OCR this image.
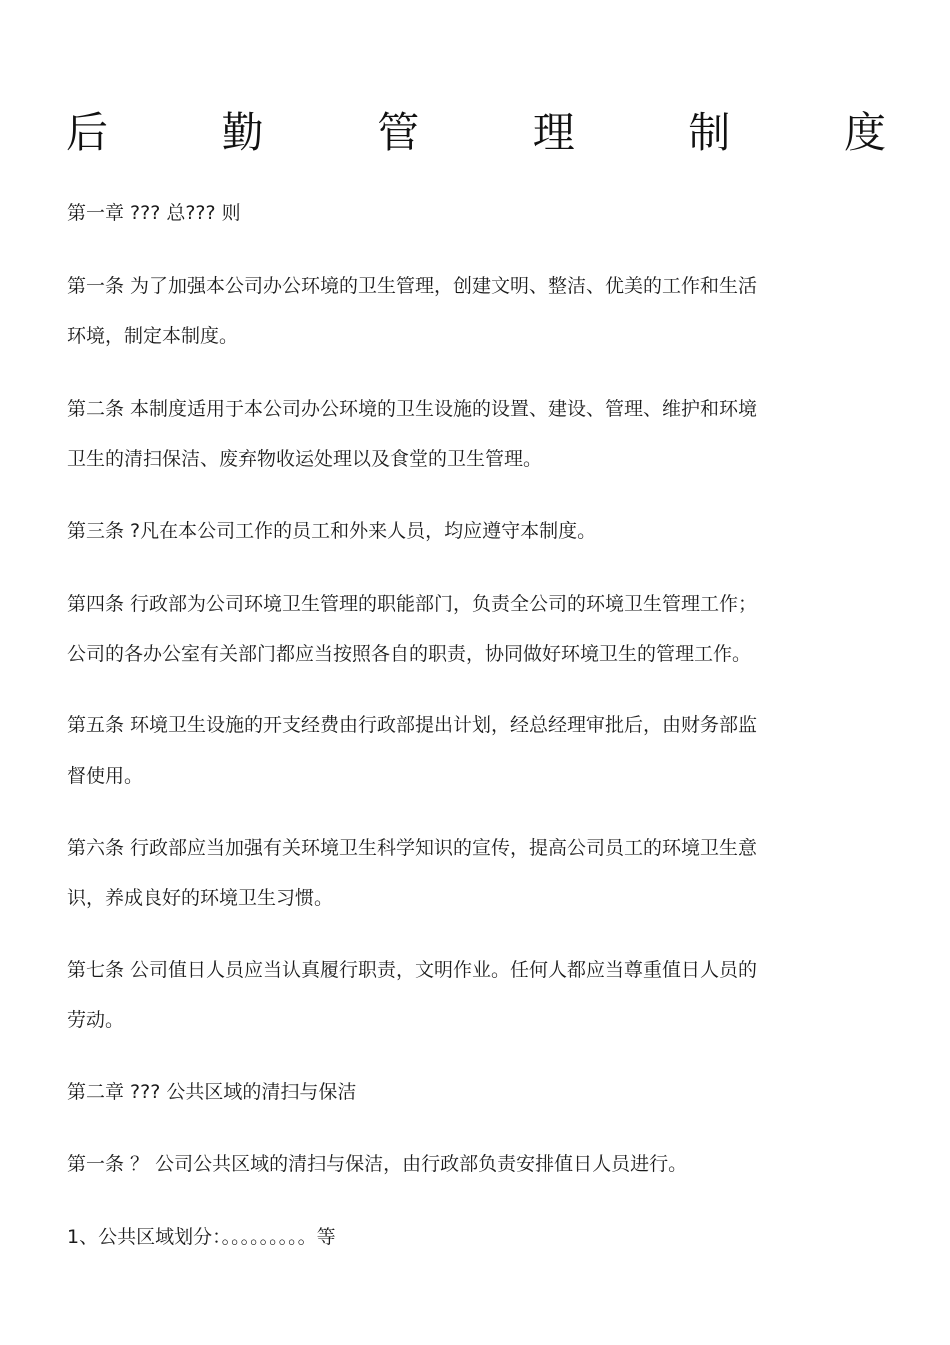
后	勤	管	理	制	度
第一章 ??? 总??? 则
第一条 为了加强本公司办公环境的卫生管理，创建文明、整洁、优美的工作和生活
环境，制定本制度。
第二条 本制度适用于本公司办公环境的卫生设施的设置、建设、管理、维护和环境
卫生的清扫保洁、废弃物收运处理以及食堂的卫生管理。
第三条 ?凡在本公司工作的员工和外来人员，均应遵守本制度。
第四条 行政部为公司环境卫生管理的职能部门，负责全公司的环境卫生管理工作；
公司的各办公室有关部门都应当按照各自的职责，协同做好环境卫生的管理工作。
第五条 环境卫生设施的开支经费由行政部提出计划，经总经理审批后，由财务部监
督使用。
第六条 行政部应当加强有关环境卫生科学知识的宣传，提高公司员工的环境卫生意
识，养成良好的环境卫生习惯。
第七条 公司值日人员应当认真履行职责，文明作业。任何人都应当尊重值日人员的
劳动。
第二章 ??? 公共区域的清扫与保洁
第一条 ？ 公司公共区域的清扫与保洁，由行政部负责安排值日人员进行。
1、公共区域划分：。。。。。。。。。等
